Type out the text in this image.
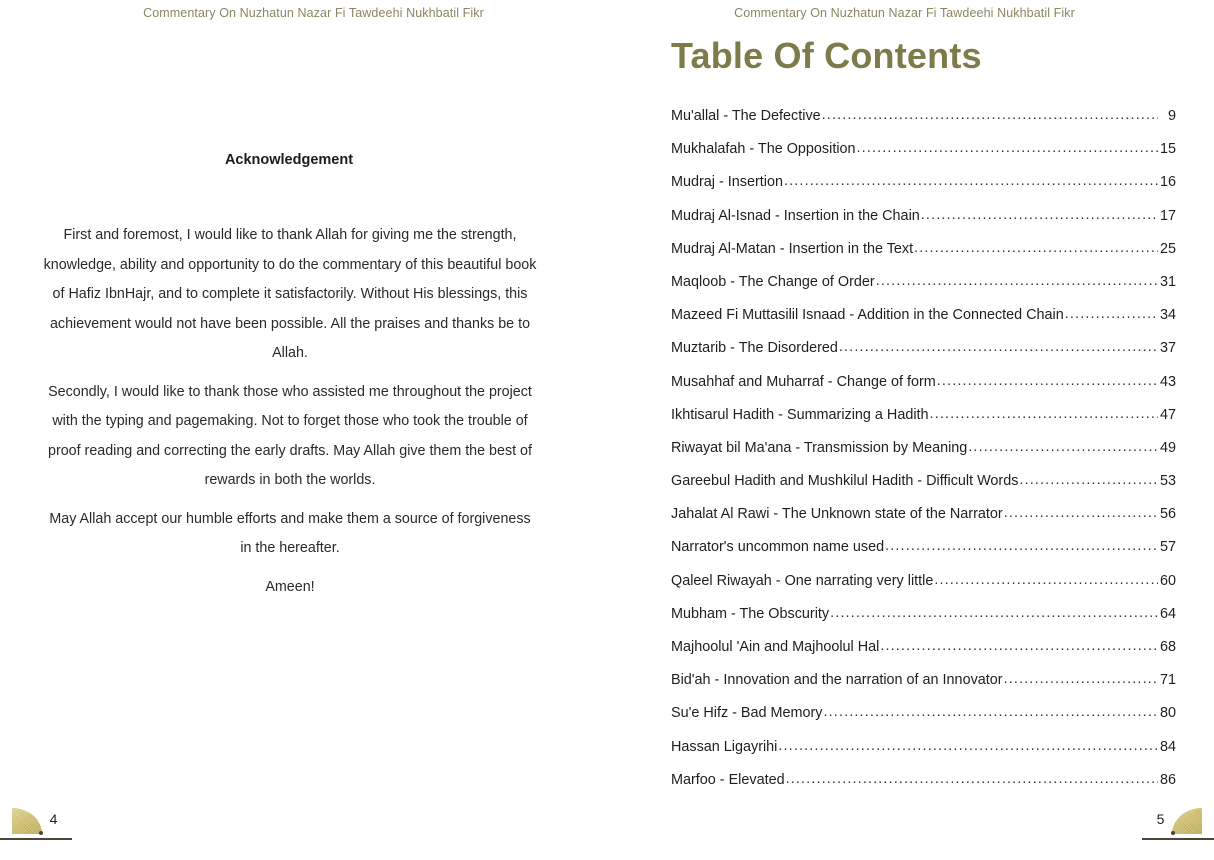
Commentary On Nuzhatun Nazar Fi Tawdeehi Nukhbatil Fikr
Acknowledgement

First and foremost, I would like to thank Allah for giving me the strength, knowledge, ability and opportunity to do the commentary of this beautiful book of Hafiz IbnHajr, and to complete it satisfactorily. Without His blessings, this achievement would not have been possible. All the praises and thanks be to Allah.

Secondly, I would like to thank those who assisted me throughout the project with the typing and pagemaking. Not to forget those who took the trouble of proof reading and correcting the early drafts. May Allah give them the best of rewards in both the worlds.

May Allah accept our humble efforts and make them a source of forgiveness in the hereafter.

Ameen!

4
Commentary On Nuzhatun Nazar Fi Tawdeehi Nukhbatil Fikr
Table Of Contents
Mu'allal - The Defective .....	9
Mukhalafah - The Opposition .....	15
Mudraj - Insertion .....	16
Mudraj Al-Isnad - Insertion in the Chain .....	17
Mudraj Al-Matan - Insertion in the Text .....	25
Maqloob - The Change of Order .....	31
Mazeed Fi Muttasilil Isnaad - Addition in the Connected Chain .....	34
Muztarib - The Disordered .....	37
Musahhaf and Muharraf - Change of form .....	43
Ikhtisarul Hadith - Summarizing a Hadith .....	47
Riwayat bil Ma'ana - Transmission by Meaning .....	49
Gareebul Hadith and Mushkilul Hadith - Difficult Words .....	53
Jahalat Al Rawi - The Unknown state of the Narrator .....	56
Narrator's uncommon name used .....	57
Qaleel Riwayah - One narrating very little .....	60
Mubham - The Obscurity .....	64
Majhoolul 'Ain and Majhoolul Hal .....	68
Bid'ah - Innovation and the narration of an Innovator .....	71
Su'e Hifz - Bad Memory .....	80
Hassan Ligayrihi .....	84
Marfoo - Elevated .....	86
5
